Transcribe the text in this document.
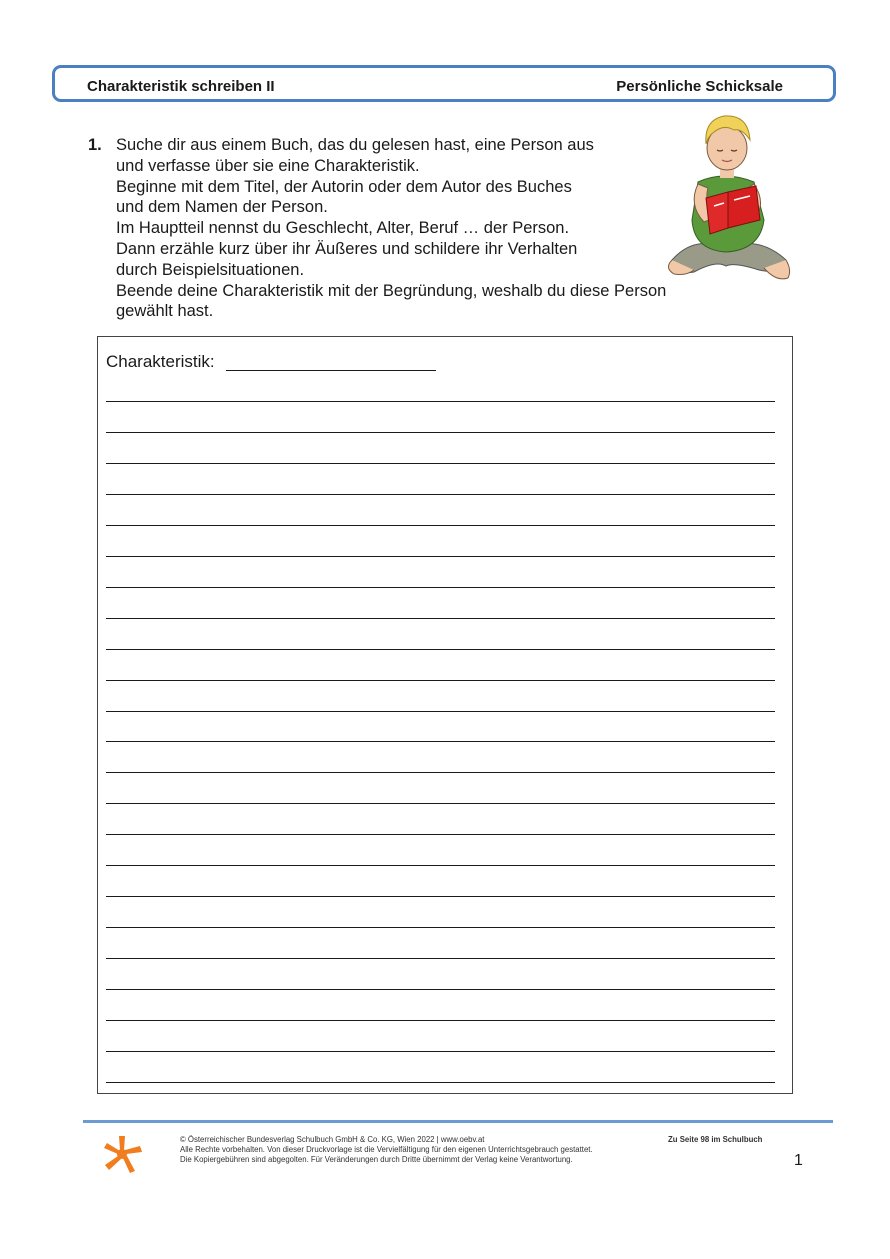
Charakteristik schreiben II	Persönliche Schicksale
1. Suche dir aus einem Buch, das du gelesen hast, eine Person aus
und verfasse über sie eine Charakteristik.
Beginne mit dem Titel, der Autorin oder dem Autor des Buches
und dem Namen der Person.
Im Hauptteil nennst du Geschlecht, Alter, Beruf … der Person.
Dann erzähle kurz über ihr Äußeres und schildere ihr Verhalten
durch Beispielsituationen.
Beende deine Charakteristik mit der Begründung, weshalb du diese Person
gewählt hast.
Charakteristik:
© Österreichischer Bundesverlag Schulbuch GmbH & Co. KG, Wien 2022 | www.oebv.at
Alle Rechte vorbehalten. Von dieser Druckvorlage ist die Vervielfältigung für den eigenen Unterrichtsgebrauch gestattet.
Die Kopiergebühren sind abgegolten. Für Veränderungen durch Dritte übernimmt der Verlag keine Verantwortung.
Zu Seite 98 im Schulbuch
1
